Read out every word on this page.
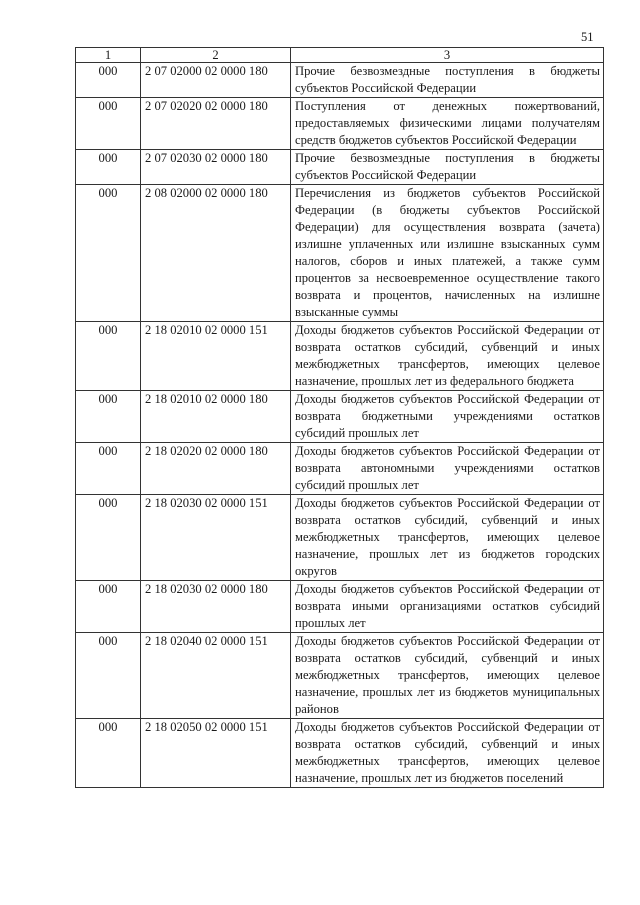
51
1	2	3
000	2 07 02000 02 0000 180	Прочие безвозмездные поступления в бюджеты субъектов Российской Федерации
000	2 07 02020 02 0000 180	Поступления от денежных пожертвований, предоставляемых физическими лицами получателям средств бюджетов субъектов Российской Федерации
000	2 07 02030 02 0000 180	Прочие безвозмездные поступления в бюджеты субъектов Российской Федерации
000	2 08 02000 02 0000 180	Перечисления из бюджетов субъектов Российской Федерации (в бюджеты субъектов Российской Федерации) для осуществления возврата (зачета) излишне уплаченных или излишне взысканных сумм налогов, сборов и иных платежей, а также сумм процентов за несвоевременное осуществление такого возврата и процентов, начисленных на излишне взысканные суммы
000	2 18 02010 02 0000 151	Доходы бюджетов субъектов Российской Федерации от возврата остатков субсидий, субвенций и иных межбюджетных трансфертов, имеющих целевое назначение, прошлых лет из федерального бюджета
000	2 18 02010 02 0000 180	Доходы бюджетов субъектов Российской Федерации от возврата бюджетными учреждениями остатков субсидий прошлых лет
000	2 18 02020 02 0000 180	Доходы бюджетов субъектов Российской Федерации от возврата автономными учреждениями остатков субсидий прошлых лет
000	2 18 02030 02 0000 151	Доходы бюджетов субъектов Российской Федерации от возврата остатков субсидий, субвенций и иных межбюджетных трансфертов, имеющих целевое назначение, прошлых лет из бюджетов городских округов
000	2 18 02030 02 0000 180	Доходы бюджетов субъектов Российской Федерации от возврата иными организациями остатков субсидий прошлых лет
000	2 18 02040 02 0000 151	Доходы бюджетов субъектов Российской Федерации от возврата остатков субсидий, субвенций и иных межбюджетных трансфертов, имеющих целевое назначение, прошлых лет из бюджетов муниципальных районов
000	2 18 02050 02 0000 151	Доходы бюджетов субъектов Российской Федерации от возврата остатков субсидий, субвенций и иных межбюджетных трансфертов, имеющих целевое назначение, прошлых лет из бюджетов поселений
